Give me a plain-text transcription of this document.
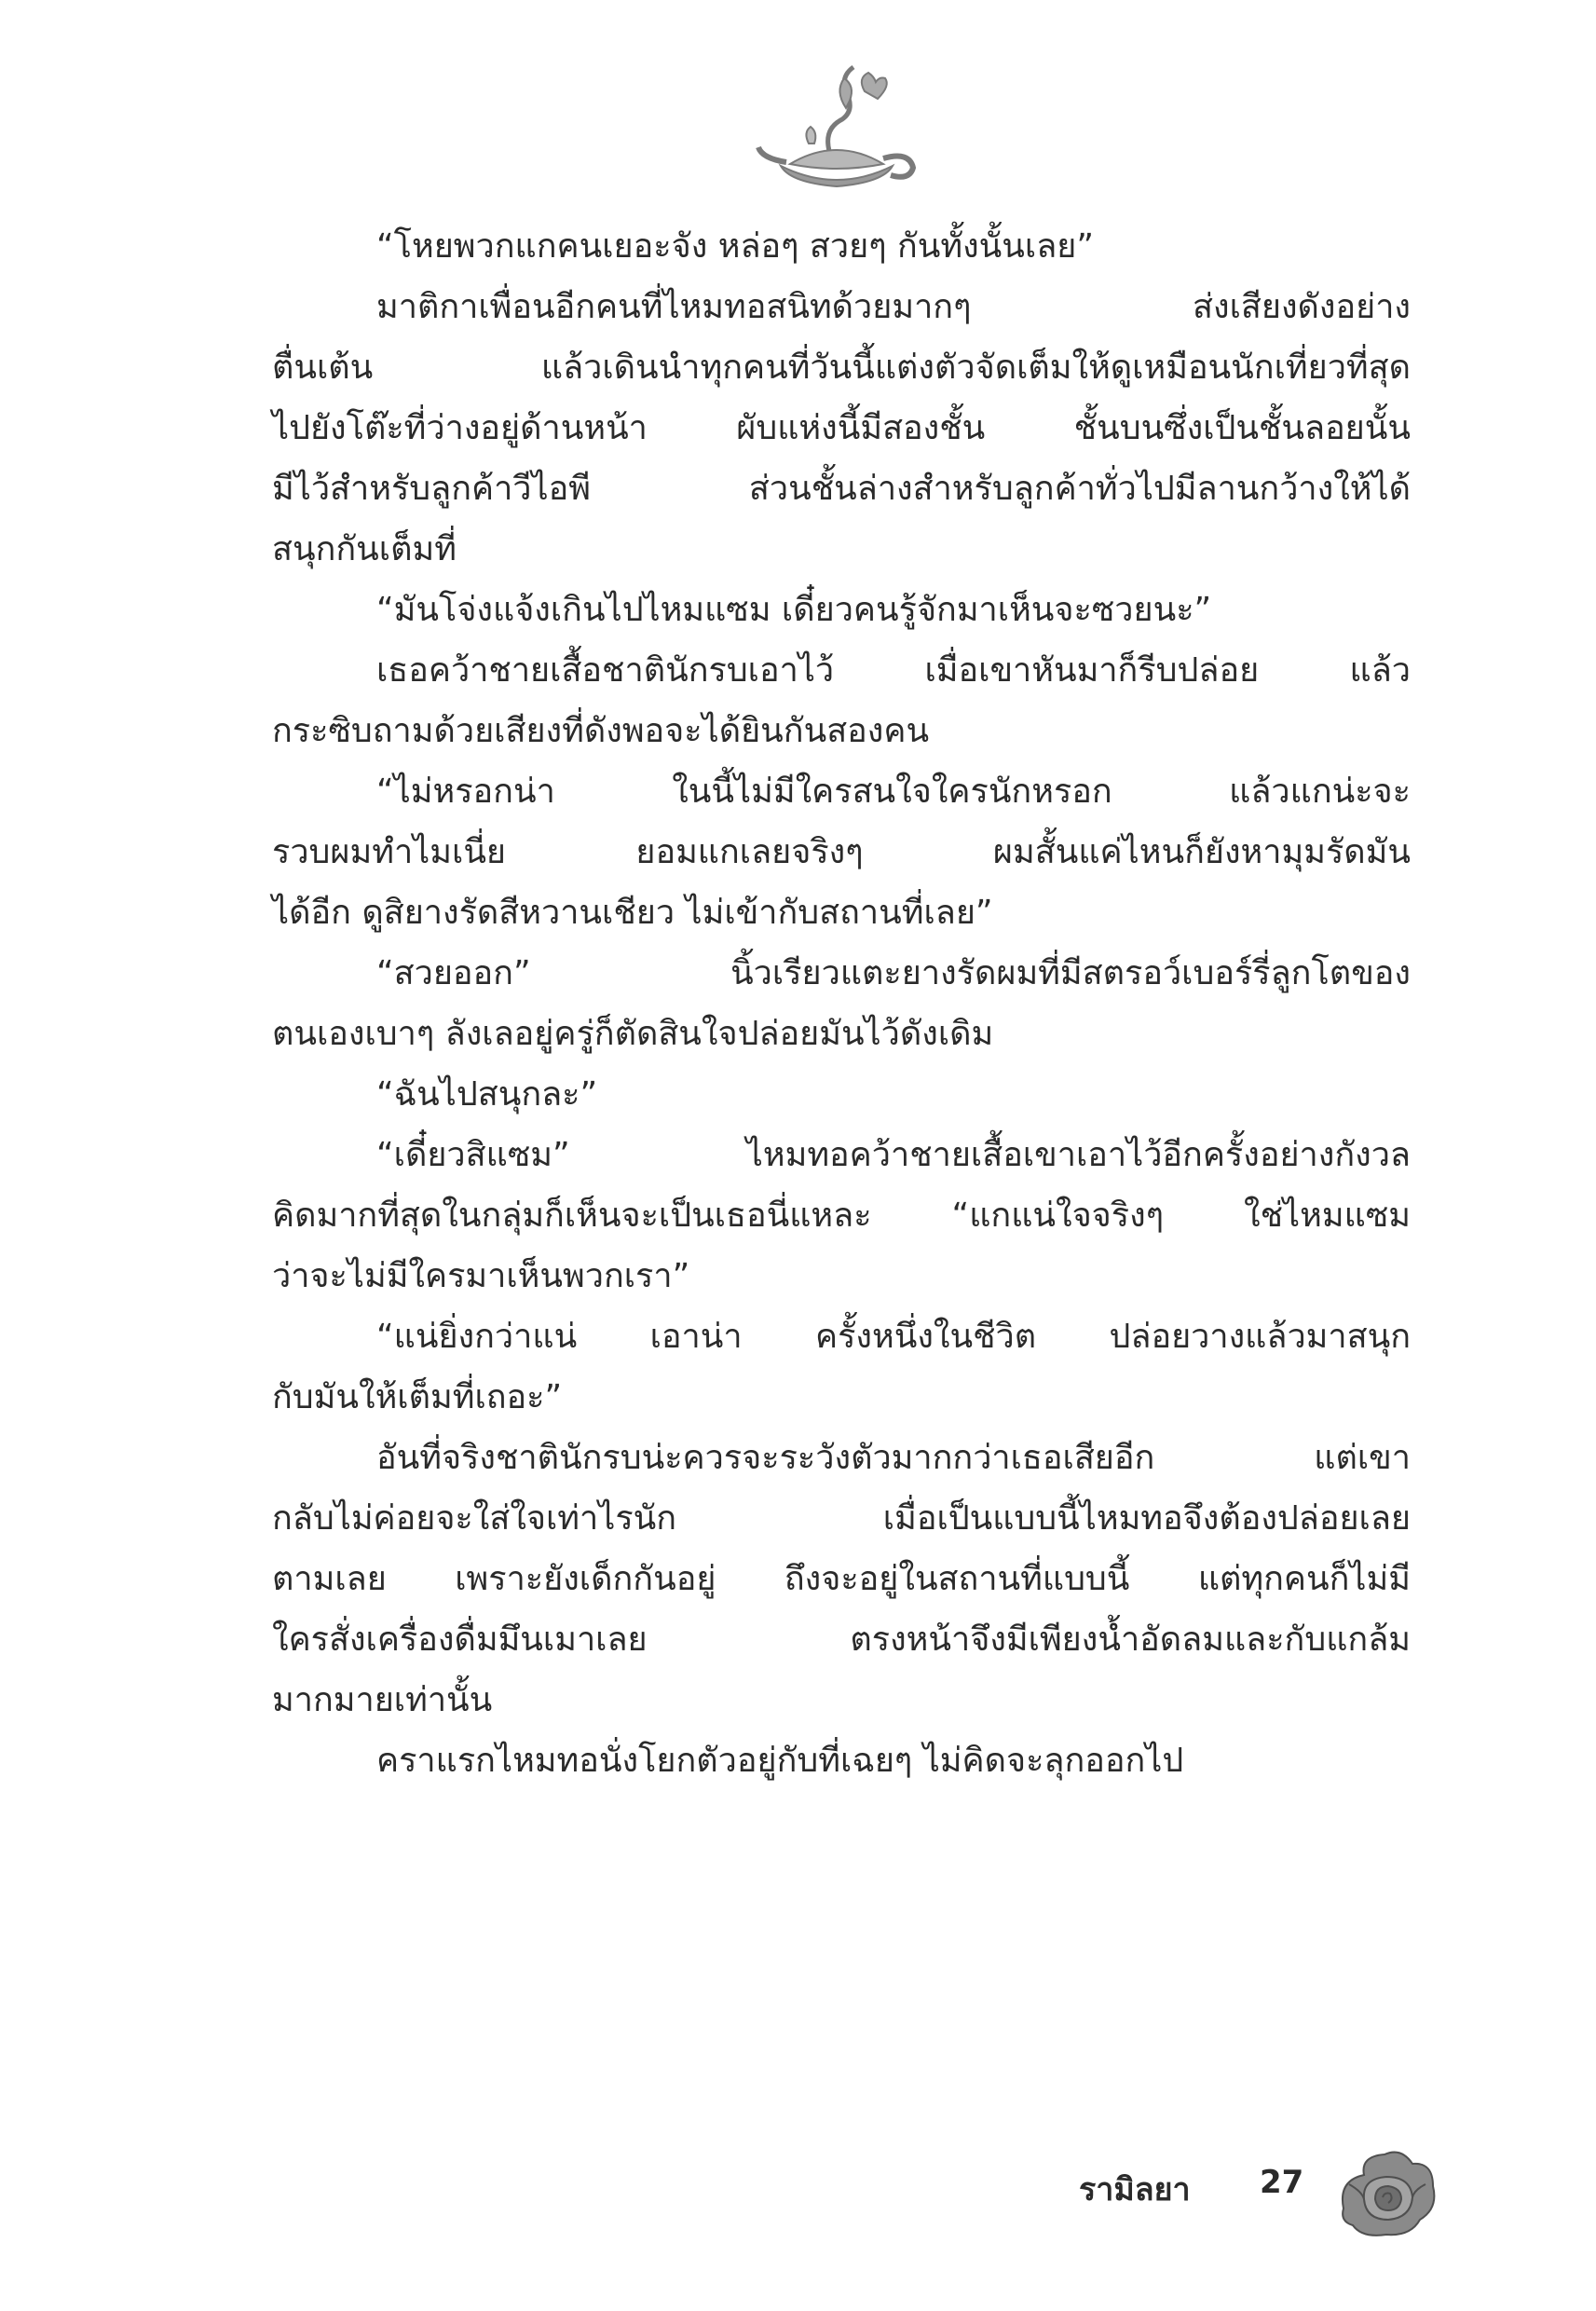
“โหยพวกแกคนเยอะจัง หล่อๆ สวยๆ กันทั้งนั้นเลย”

มาติกาเพื่อนอีกคนที่ไหมทอสนิทด้วยมากๆ ส่งเสียงดังอย่าง
ตื่นเต้น แล้วเดินนำทุกคนที่วันนี้แต่งตัวจัดเต็มให้ดูเหมือนนักเที่ยวที่สุด
ไปยังโต๊ะที่ว่างอยู่ด้านหน้า ผับแห่งนี้มีสองชั้น ชั้นบนซึ่งเป็นชั้นลอยนั้น
มีไว้สำหรับลูกค้าวีไอพี ส่วนชั้นล่างสำหรับลูกค้าทั่วไปมีลานกว้างให้ได้
สนุกกันเต็มที่

“มันโจ่งแจ้งเกินไปไหมแซม เดี๋ยวคนรู้จักมาเห็นจะซวยนะ”

เธอคว้าชายเสื้อชาตินักรบเอาไว้ เมื่อเขาหันมาก็รีบปล่อย แล้ว
กระซิบถามด้วยเสียงที่ดังพอจะได้ยินกันสองคน

“ไม่หรอกน่า ในนี้ไม่มีใครสนใจใครนักหรอก แล้วแกน่ะจะ
รวบผมทำไมเนี่ย ยอมแกเลยจริงๆ ผมสั้นแค่ไหนก็ยังหามุมรัดมัน
ได้อีก ดูสิยางรัดสีหวานเชียว ไม่เข้ากับสถานที่เลย”

“สวยออก” นิ้วเรียวแตะยางรัดผมที่มีสตรอว์เบอร์รี่ลูกโตของ
ตนเองเบาๆ ลังเลอยู่ครู่ก็ตัดสินใจปล่อยมันไว้ดังเดิม

“ฉันไปสนุกละ”

“เดี๋ยวสิแซม” ไหมทอคว้าชายเสื้อเขาเอาไว้อีกครั้งอย่างกังวล
คิดมากที่สุดในกลุ่มก็เห็นจะเป็นเธอนี่แหละ “แกแน่ใจจริงๆ ใช่ไหมแซม
ว่าจะไม่มีใครมาเห็นพวกเรา”

“แน่ยิ่งกว่าแน่ เอาน่า ครั้งหนึ่งในชีวิต ปล่อยวางแล้วมาสนุก
กับมันให้เต็มที่เถอะ”

อันที่จริงชาตินักรบน่ะควรจะระวังตัวมากกว่าเธอเสียอีก แต่เขา
กลับไม่ค่อยจะใส่ใจเท่าไรนัก เมื่อเป็นแบบนี้ไหมทอจึงต้องปล่อยเลย
ตามเลย เพราะยังเด็กกันอยู่ ถึงจะอยู่ในสถานที่แบบนี้ แต่ทุกคนก็ไม่มี
ใครสั่งเครื่องดื่มมึนเมาเลย ตรงหน้าจึงมีเพียงน้ำอัดลมและกับแกล้ม
มากมายเท่านั้น

คราแรกไหมทอนั่งโยกตัวอยู่กับที่เฉยๆ ไม่คิดจะลุกออกไป

รามิลยา 27
